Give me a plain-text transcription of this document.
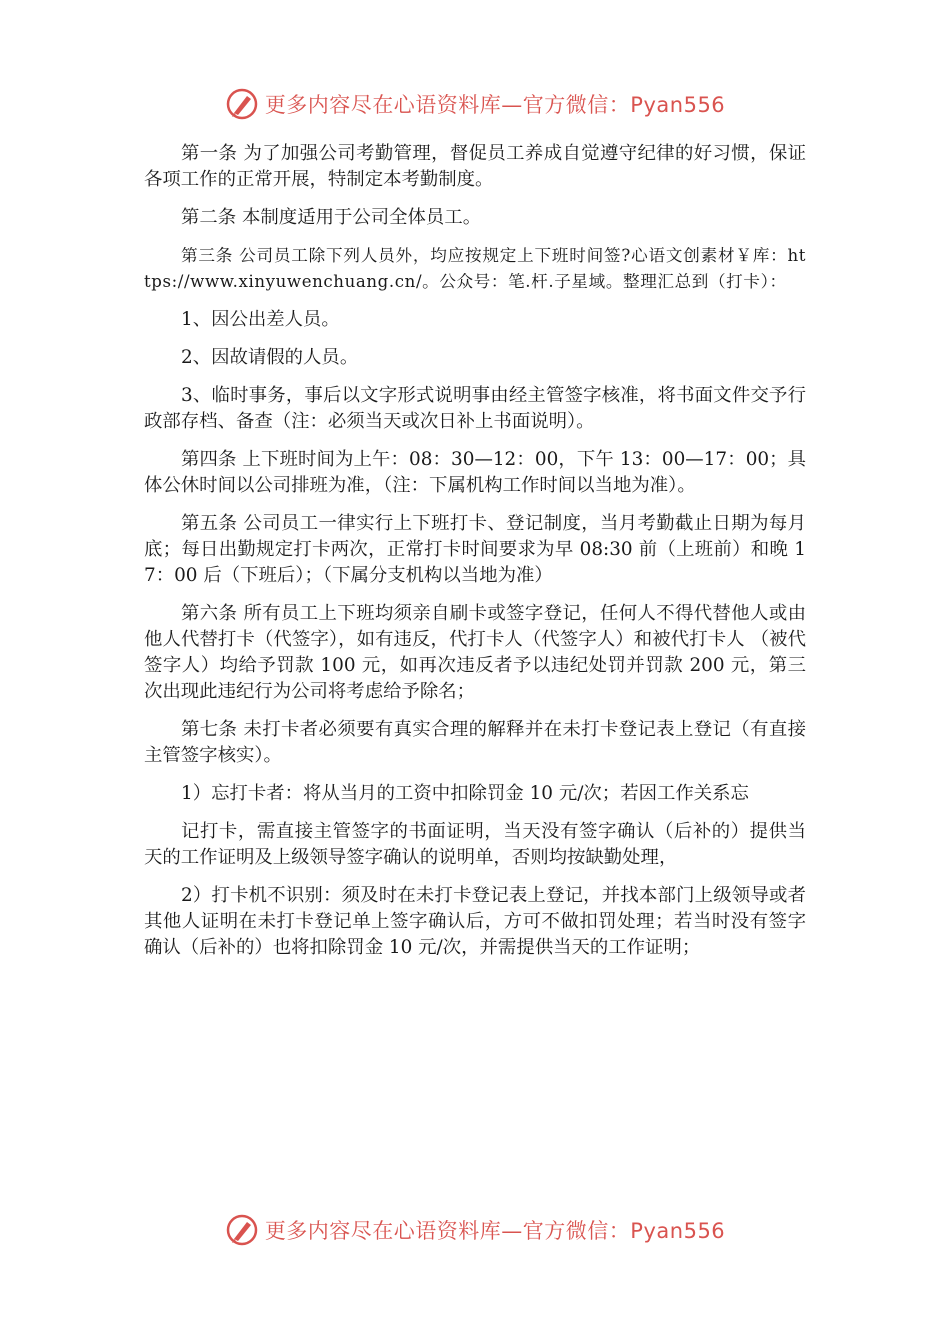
更多内容尽在心语资料库—官方微信：Pyan556

第一条 为了加强公司考勤管理，督促员工养成自觉遵守纪律的好习惯，保证各项工作的正常开展，特制定本考勤制度。

第二条 本制度适用于公司全体员工。

第三条 公司员工除下列人员外，均应按规定上下班时间签?心语文创素材￥库：https://www.xinyuwenchuang.cn/。公众号：笔.杆.子星域。整理汇总到（打卡）：

1、因公出差人员。

2、因故请假的人员。

3、临时事务，事后以文字形式说明事由经主管签字核准，将书面文件交予行政部存档、备查（注：必须当天或次日补上书面说明）。

第四条 上下班时间为上午：08：30—12：00，下午 13：00—17：00；具体公休时间以公司排班为准，（注：下属机构工作时间以当地为准）。

第五条 公司员工一律实行上下班打卡、登记制度，当月考勤截止日期为每月底；每日出勤规定打卡两次，正常打卡时间要求为早 08:30 前（上班前）和晚 17：00 后（下班后）；（下属分支机构以当地为准）

第六条 所有员工上下班均须亲自刷卡或签字登记，任何人不得代替他人或由他人代替打卡（代签字），如有违反，代打卡人（代签字人）和被代打卡人 （被代签字人）均给予罚款 100 元，如再次违反者予以违纪处罚并罚款 200 元，第三次出现此违纪行为公司将考虑给予除名；

第七条 未打卡者必须要有真实合理的解释并在未打卡登记表上登记（有直接主管签字核实）。

1）忘打卡者：将从当月的工资中扣除罚金 10 元/次；若因工作关系忘

记打卡，需直接主管签字的书面证明，当天没有签字确认（后补的）提供当天的工作证明及上级领导签字确认的说明单，否则均按缺勤处理，

2）打卡机不识别：须及时在未打卡登记表上登记，并找本部门上级领导或者其他人证明在未打卡登记单上签字确认后，方可不做扣罚处理；若当时没有签字确认（后补的）也将扣除罚金 10 元/次，并需提供当天的工作证明；

更多内容尽在心语资料库—官方微信：Pyan556
